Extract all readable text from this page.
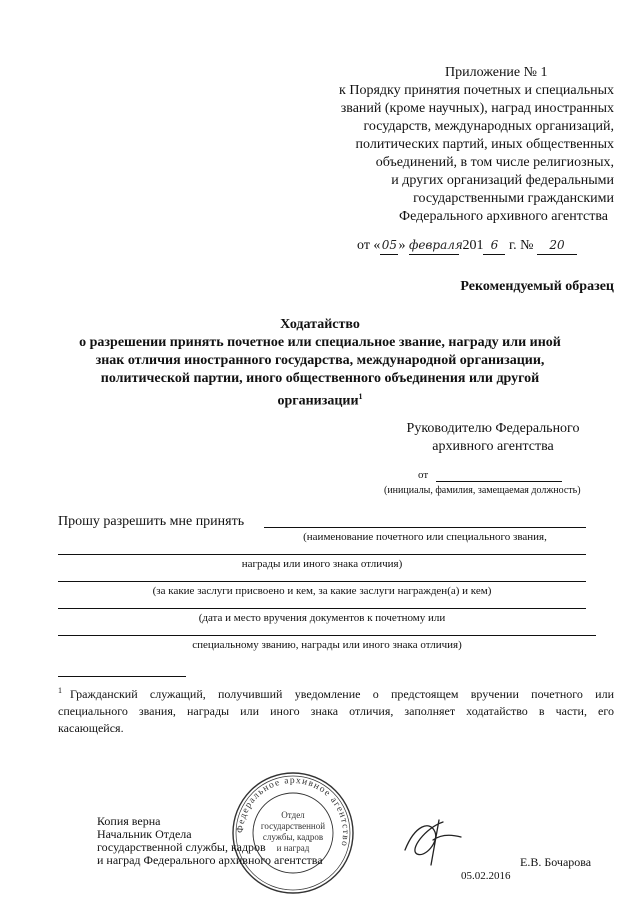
Приложение № 1
к Порядку принятия почетных и специальных
званий (кроме научных), наград иностранных
государств, международных организаций,
политических партий, иных общественных
объединений, в том числе религиозных,
и других организаций федеральными
государственными гражданскими
Федерального архивного агентства
от «05» февраля 201 6 г. № 20
Рекомендуемый образец
Ходатайство
о разрешении принять почетное или специальное звание, награду или иной
знак отличия иностранного государства, международной организации,
политической партии, иного общественного объединения или другой
организации$^1$
Руководителю Федерального
архивного агентства
от
(инициалы, фамилия, замещаемая должность)
Прошу разрешить мне принять
(наименование почетного или специального звания,
награды или иного знака отличия)
(за какие заслуги присвоено и кем, за какие заслуги награжден(а) и кем)
(дата и место вручения документов к почетному или
специальному званию, награды или иного знака отличия)
$^1$ Гражданский служащий, получивший уведомление о предстоящем вручении почетного или
специального звания, награды или иного знака отличия, заполняет ходатайство в части, его
касающейся.
Федеральное архивное агентство
Отдел
государственной
службы, кадров
и наград
Копия верна
Начальник Отдела
государственной службы, кадров
и наград Федерального архивного агентства	Е.В. Бочарова
05.02.2016
